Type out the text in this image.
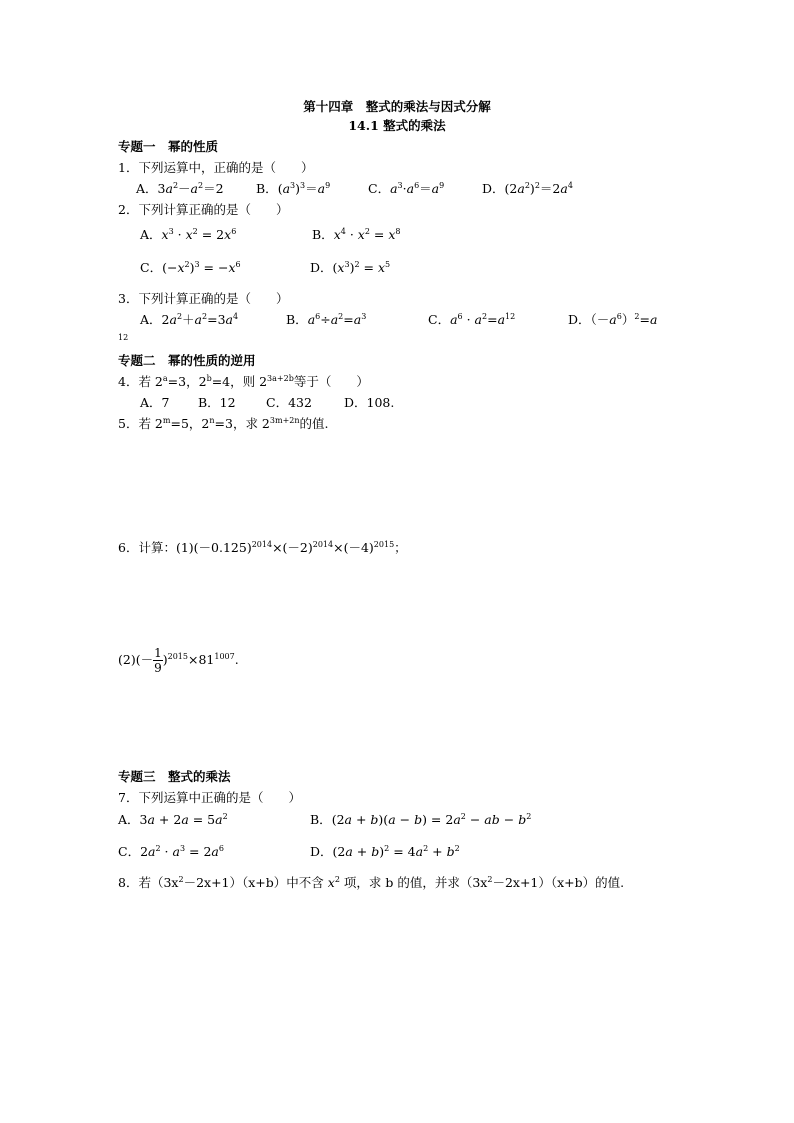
第十四章　整式的乘法与因式分解
14.1 整式的乘法
专题一　幂的性质
1．下列运算中，正确的是（　　）
A．$3a^2-a^2=2$	B．$(a^3)^3=a^9$	C．$a^3\cdot a^6=a^9$	D．$(2a^2)^2=2a^4$
2．下列计算正确的是（　　）
A．$x^3 \cdot x^2 = 2x^6$	B．$x^4 \cdot x^2 = x^8$
C．$(-x^2)^3 = -x^6$	D．$(x^3)^2 = x^5$
3．下列计算正确的是（　　）
A．$2a^2+a^2=3a^4$	B．$a^6\div a^2=a^3$	C．$a^6 \cdot a^2=a^{12}$	D．$(-a^6)^2=a$
12
专题二　幂的性质的逆用
4．若 $2^a=3$，$2^b=4$，则 $2^{3a+2b}$等于（　　）
A．7 B．12 C．432	D．108.
5．若 $2^m=5$，$2^n=3$，求 $2^{3m+2n}$的值.
6．计算：$(1)(-0.125)^{2014}\times(-2)^{2014}\times(-4)^{2015}$；
$(2)(- \frac{1}{9} )^{2015}\times 81^{1007}$.
专题三　整式的乘法
7．下列运算中正确的是（　　）
A．$3a + 2a = 5a^2$	B．$(2a + b)(a - b) = 2a^2$ − ab − $b^2$
C．$2a^2 \cdot a^3 = 2a^6$	D．$(2a + b)^2 = 4a^2 + b^2$
8．若$(3x^2-2x+1)(x+b)$中不含 $x^2$ 项，求 b 的值，并求$(3x^2-2x+1)(x+b)$的值.
